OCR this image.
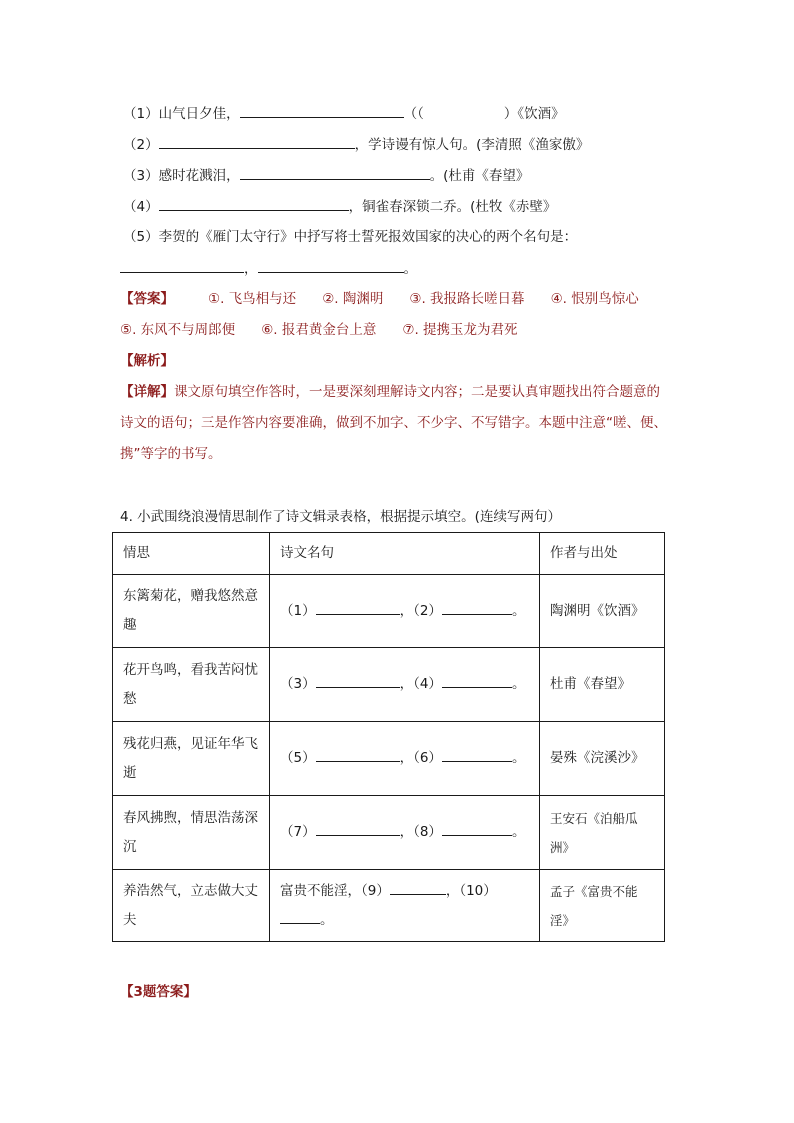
（1）山气日夕佳，	（（	）《饮酒》
（2）	，学诗谩有惊人句。(李清照《渔家傲》
（3）感时花溅泪，	。(杜甫《春望》
（4）	，铜雀春深锁二乔。(杜牧《赤壁》
（5）李贺的《雁门太守行》中抒写将士誓死报效国家的决心的两个名句是：
，	。
【答案】	①. 飞鸟相与还 ②. 陶渊明 ③. 我报路长嗟日暮 ④. 恨别鸟惊心
⑤. 东风不与周郎便 ⑥. 报君黄金台上意 ⑦. 提携玉龙为君死
【解析】
【详解】课文原句填空作答时，一是要深刻理解诗文内容；二是要认真审题找出符合题意的
诗文的语句；三是作答内容要准确，做到不加字、不少字、不写错字。本题中注意“嗟、便、
携”等字的书写。
4. 小武围绕浪漫情思制作了诗文辑录表格，根据提示填空。(连续写两句）
情思	诗文名句	作者与出处
东篱菊花，赠我悠然意趣	（1） ，（2） 。	陶渊明《饮酒》
花开鸟鸣，看我苦闷忧愁	（3） ，（4） 。	杜甫《春望》
残花归燕，见证年华飞逝	（5） ，（6） 。	晏殊《浣溪沙》
春风拂煦，情思浩荡深沉	（7） ，（8） 。	王安石《泊船瓜洲》
养浩然气，立志做大丈夫	富贵不能淫，（9） ，（10）。	孟子《富贵不能淫》
【3题答案】
